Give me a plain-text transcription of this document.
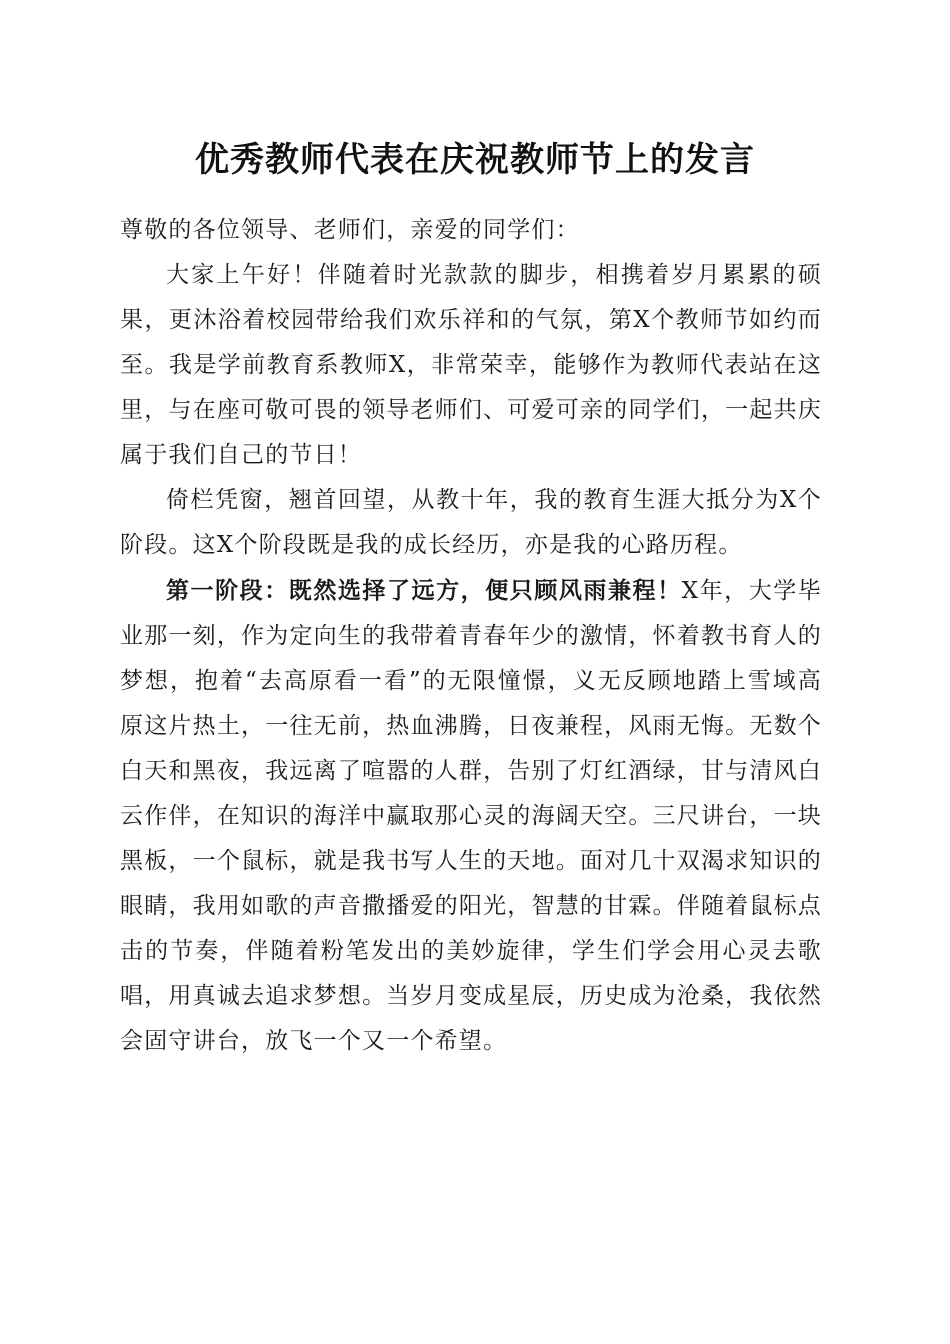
优秀教师代表在庆祝教师节上的发言

尊敬的各位领导、老师们，亲爱的同学们：

大家上午好！伴随着时光款款的脚步，相携着岁月累累的硕果，更沐浴着校园带给我们欢乐祥和的气氛，第X个教师节如约而至。我是学前教育系教师X，非常荣幸，能够作为教师代表站在这里，与在座可敬可畏的领导老师们、可爱可亲的同学们，一起共庆属于我们自己的节日！

倚栏凭窗，翘首回望，从教十年，我的教育生涯大抵分为X个阶段。这X个阶段既是我的成长经历，亦是我的心路历程。

第一阶段：既然选择了远方，便只顾风雨兼程！X年，大学毕业那一刻，作为定向生的我带着青春年少的激情，怀着教书育人的梦想，抱着“去高原看一看”的无限憧憬，义无反顾地踏上雪域高原这片热土，一往无前，热血沸腾，日夜兼程，风雨无悔。无数个白天和黑夜，我远离了喧嚣的人群，告别了灯红酒绿，甘与清风白云作伴，在知识的海洋中赢取那心灵的海阔天空。三尺讲台，一块黑板，一个鼠标，就是我书写人生的天地。面对几十双渴求知识的眼睛，我用如歌的声音撒播爱的阳光，智慧的甘霖。伴随着鼠标点击的节奏，伴随着粉笔发出的美妙旋律，学生们学会用心灵去歌唱，用真诚去追求梦想。当岁月变成星辰，历史成为沧桑，我依然会固守讲台，放飞一个又一个希望。
